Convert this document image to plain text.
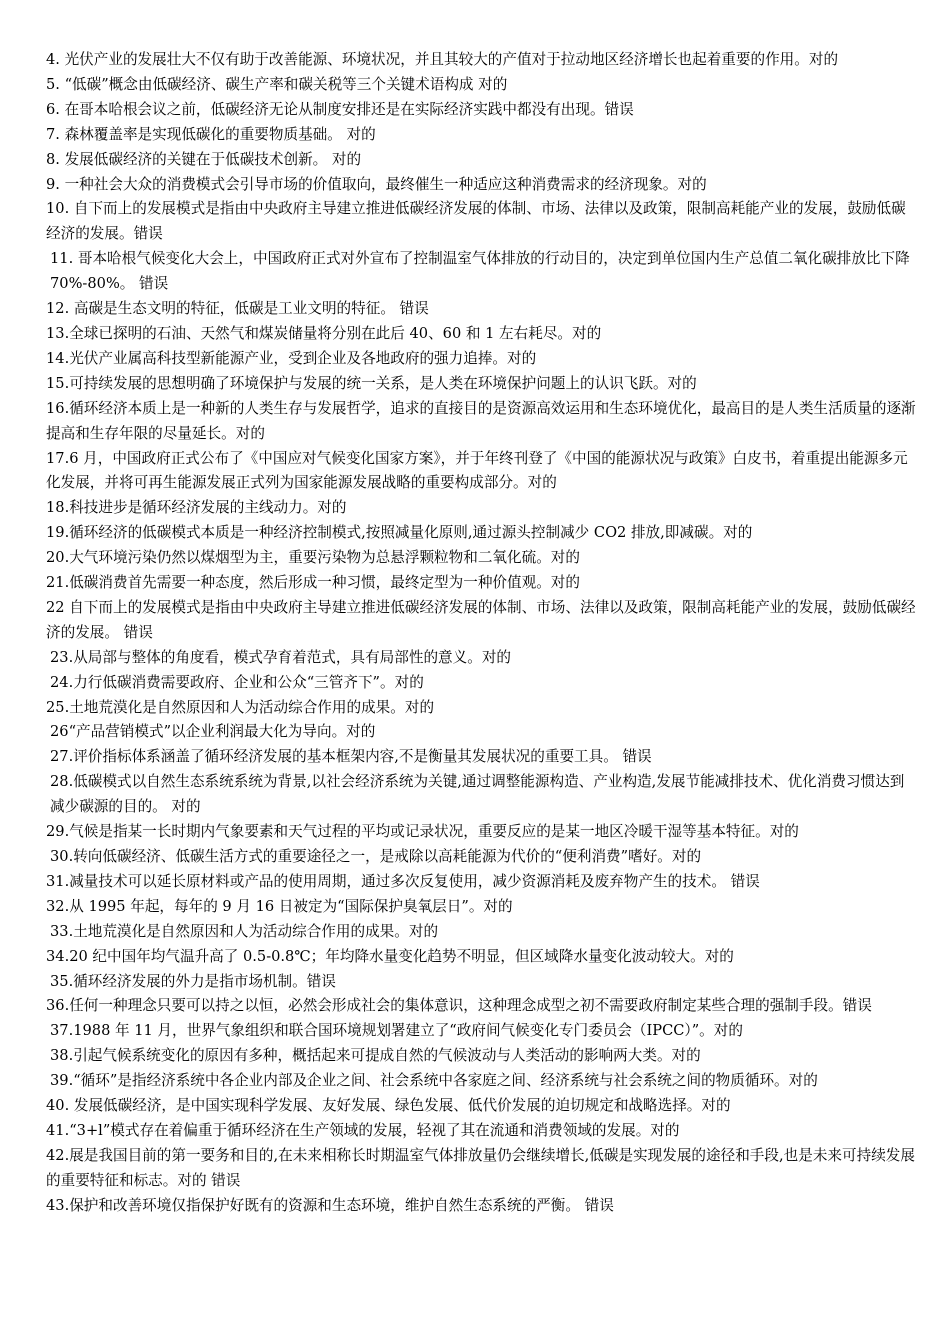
4. 光伏产业的发展壮大不仅有助于改善能源、环境状况，并且其较大的产值对于拉动地区经济增长也起着重要的作用。对的

5. “低碳”概念由低碳经济、碳生产率和碳关税等三个关键术语构成 对的

6. 在哥本哈根会议之前，低碳经济无论从制度安排还是在实际经济实践中都没有出现。错误

7. 森林覆盖率是实现低碳化的重要物质基础。 对的

8. 发展低碳经济的关键在于低碳技术创新。 对的

9. 一种社会大众的消费模式会引导市场的价值取向，最终催生一种适应这种消费需求的经济现象。对的

10. 自下而上的发展模式是指由中央政府主导建立推进低碳经济发展的体制、市场、法律以及政策，限制高耗能产业的发展，鼓励低碳经济的发展。错误

11. 哥本哈根气候变化大会上，中国政府正式对外宣布了控制温室气体排放的行动目的，决定到单位国内生产总值二氧化碳排放比下降 70%-80%。 错误

12. 高碳是生态文明的特征，低碳是工业文明的特征。 错误

13.全球已探明的石油、天然气和煤炭储量将分别在此后 40、60 和 1 左右耗尽。对的

14.光伏产业属高科技型新能源产业，受到企业及各地政府的强力追捧。对的

15.可持续发展的思想明确了环境保护与发展的统一关系，是人类在环境保护问题上的认识飞跃。对的

16.循环经济本质上是一种新的人类生存与发展哲学，追求的直接目的是资源高效运用和生态环境优化，最高目的是人类生活质量的逐渐提高和生存年限的尽量延长。对的

17.6 月，中国政府正式公布了《中国应对气候变化国家方案》，并于年终刊登了《中国的能源状况与政策》白皮书，着重提出能源多元化发展，并将可再生能源发展正式列为国家能源发展战略的重要构成部分。对的

18.科技进步是循环经济发展的主线动力。对的

19.循环经济的低碳模式本质是一种经济控制模式,按照减量化原则,通过源头控制减少 CO2 排放,即减碳。对的

20.大气环境污染仍然以煤烟型为主，重要污染物为总悬浮颗粒物和二氧化硫。对的

21.低碳消费首先需要一种态度，然后形成一种习惯，最终定型为一种价值观。对的

22 自下而上的发展模式是指由中央政府主导建立推进低碳经济发展的体制、市场、法律以及政策，限制高耗能产业的发展，鼓励低碳经济的发展。 错误

23.从局部与整体的角度看，模式孕育着范式，具有局部性的意义。对的

24.力行低碳消费需要政府、企业和公众“三管齐下”。对的

25.土地荒漠化是自然原因和人为活动综合作用的成果。对的

26“产品营销模式”以企业利润最大化为导向。对的

27.评价指标体系涵盖了循环经济发展的基本框架内容,不是衡量其发展状况的重要工具。 错误

28.低碳模式以自然生态系统系统为背景,以社会经济系统为关键,通过调整能源构造、产业构造,发展节能减排技术、优化消费习惯达到减少碳源的目的。 对的

29.气候是指某一长时期内气象要素和天气过程的平均或记录状况，重要反应的是某一地区冷暖干湿等基本特征。对的

30.转向低碳经济、低碳生活方式的重要途径之一，是戒除以高耗能源为代价的“便利消费”嗜好。对的

31.减量技术可以延长原材料或产品的使用周期，通过多次反复使用，减少资源消耗及废弃物产生的技术。 错误

32.从 1995 年起，每年的 9 月 16 日被定为“国际保护臭氧层日”。对的

33.土地荒漠化是自然原因和人为活动综合作用的成果。对的

34.20 纪中国年均气温升高了 0.5-0.8℃；年均降水量变化趋势不明显，但区域降水量变化波动较大。对的

35.循环经济发展的外力是指市场机制。错误

36.任何一种理念只要可以持之以恒，必然会形成社会的集体意识，这种理念成型之初不需要政府制定某些合理的强制手段。错误

37.1988 年 11 月，世界气象组织和联合国环境规划署建立了“政府间气候变化专门委员会（IPCC）”。对的

38.引起气候系统变化的原因有多种，概括起来可提成自然的气候波动与人类活动的影响两大类。对的

39.“循环”是指经济系统中各企业内部及企业之间、社会系统中各家庭之间、经济系统与社会系统之间的物质循环。对的

40. 发展低碳经济，是中国实现科学发展、友好发展、绿色发展、低代价发展的迫切规定和战略选择。对的

41.“3+l”模式存在着偏重于循环经济在生产领域的发展，轻视了其在流通和消费领域的发展。对的

42.展是我国目前的第一要务和目的,在未来相称长时期温室气体排放量仍会继续增长,低碳是实现发展的途径和手段,也是未来可持续发展的重要特征和标志。对的 错误

43.保护和改善环境仅指保护好既有的资源和生态环境，维护自然生态系统的严衡。 错误
